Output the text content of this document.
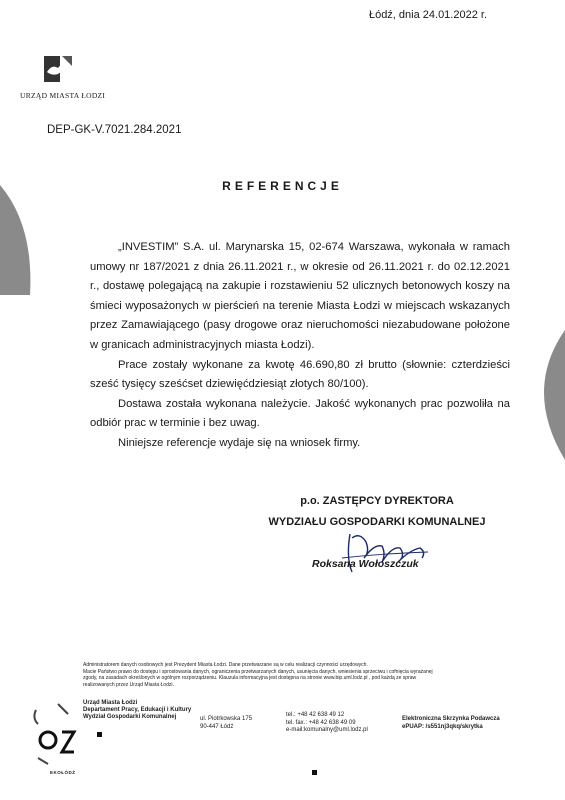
Łódź, dnia 24.01.2022 r.
URZĄD MIASTA ŁODZI
DEP-GK-V.7021.284.2021
REFERENCJE

„INVESTIM” S.A. ul. Marynarska 15, 02-674 Warszawa, wykonała w ramach umowy nr 187/2021 z dnia 26.11.2021 r., w okresie od 26.11.2021 r. do 02.12.2021 r., dostawę polegającą na zakupie i rozstawieniu 52 ulicznych betonowych koszy na śmieci wyposażonych w pierścień na terenie Miasta Łodzi w miejscach wskazanych przez Zamawiającego (pasy drogowe oraz nieruchomości niezabudowane położone w granicach administracyjnych miasta Łodzi).

Prace zostały wykonane za kwotę 46.690,80 zł brutto (słownie: czterdzieści sześć tysięcy sześćset dziewięćdziesiąt złotych 80/100).

Dostawa została wykonana należycie. Jakość wykonanych prac pozwoliła na odbiór prac w terminie i bez uwag.

Niniejsze referencje wydaje się na wniosek firmy.

p.o. ZASTĘPCY DYREKTORA
WYDZIAŁU GOSPODARKI KOMUNALNEJ
Roksana Wołoszczuk
Administratorem danych osobowych jest Prezydent Miasta Łodzi. Dane przetwarzane są w celu realizacji czynności urzędowych.
Macie Państwo prawo do dostępu i sprostowania danych, ograniczenia przetwarzanych danych, usunięcia danych, wniesienia sprzeciwu i cofnięcia wyrażanej
zgody, na zasadach określonych w ogólnym rozporządzeniu. Klauzula informacyjna jest dostępna na stronie www.bip.uml.lodz.pl , pod każdą ze spraw
realizowanych przez Urząd Miasta Łodzi.
EKOŁÓDŹ
Urząd Miasta Łodzi
Departament Pracy, Edukacji i Kultury
Wydział Gospodarki Komunalnej	ul. Piotrkowska 175
90-447 Łódź
tel.: +48 42 638 49 12
tel. fax.: +48 42 638 49 09
e-mail:komunalny@uml.lodz.pl
Elektroniczna Skrzynka Podawcza
ePUAP: /s551nj3qkq/skrytka
